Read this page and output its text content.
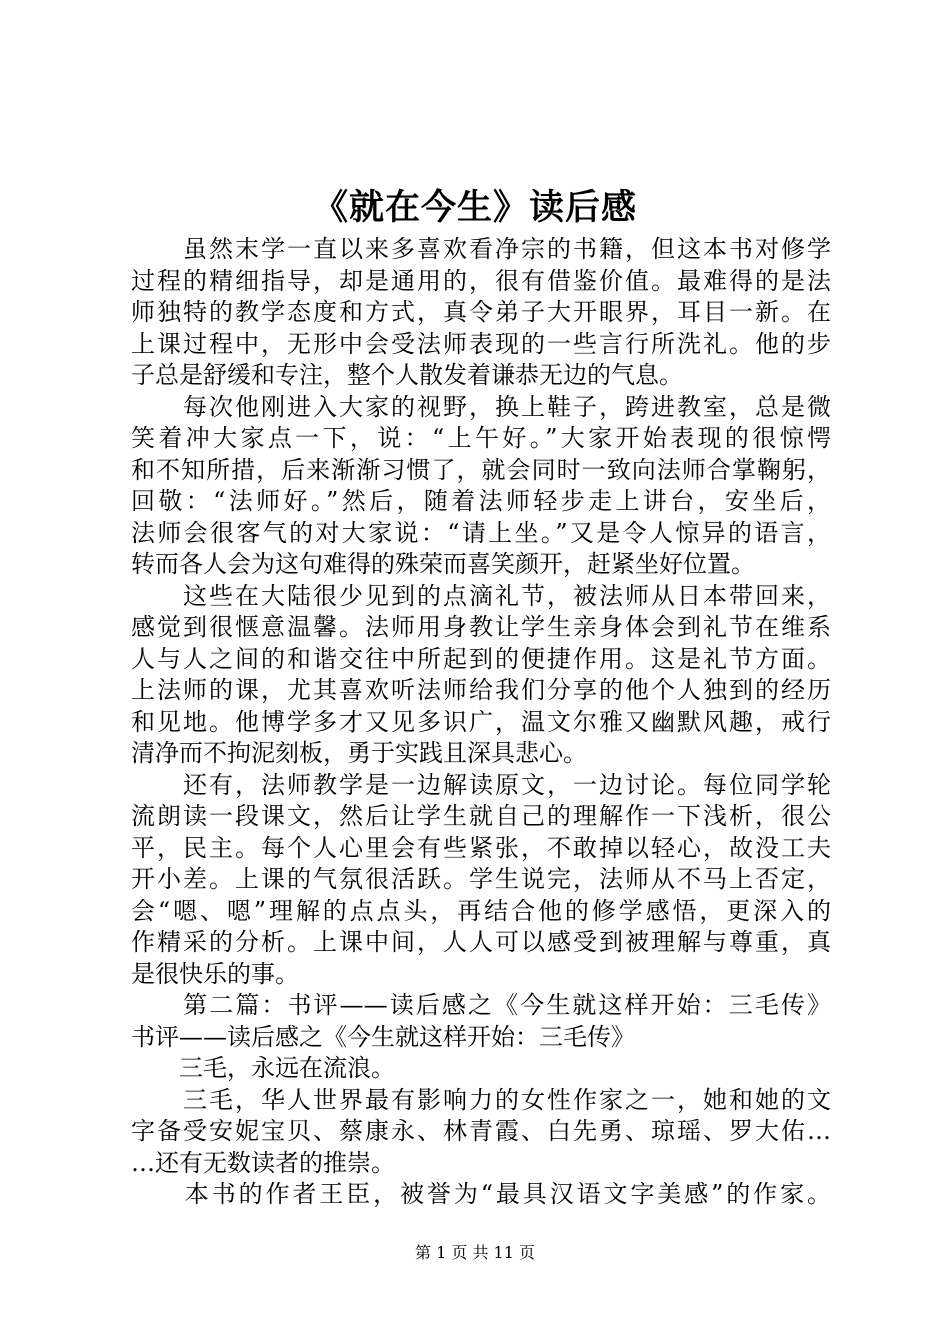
《就在今生》读后感
　　虽然末学一直以来多喜欢看净宗的书籍，但这本书对修学
过程的精细指导，却是通用的，很有借鉴价值。最难得的是法
师独特的教学态度和方式，真令弟子大开眼界，耳目一新。在
上课过程中，无形中会受法师表现的一些言行所洗礼。他的步
子总是舒缓和专注，整个人散发着谦恭无边的气息。
　　每次他刚进入大家的视野，换上鞋子，跨进教室，总是微
笑着冲大家点一下，说：“上午好。”大家开始表现的很惊愕
和不知所措，后来渐渐习惯了，就会同时一致向法师合掌鞠躬，
回敬：“法师好。”然后，随着法师轻步走上讲台，安坐后，
法师会很客气的对大家说：“请上坐。”又是令人惊异的语言，
转而各人会为这句难得的殊荣而喜笑颜开，赶紧坐好位置。
　　这些在大陆很少见到的点滴礼节，被法师从日本带回来，
感觉到很惬意温馨。法师用身教让学生亲身体会到礼节在维系
人与人之间的和谐交往中所起到的便捷作用。这是礼节方面。
上法师的课，尤其喜欢听法师给我们分享的他个人独到的经历
和见地。他博学多才又见多识广，温文尔雅又幽默风趣，戒行
清净而不拘泥刻板，勇于实践且深具悲心。
　　还有，法师教学是一边解读原文，一边讨论。每位同学轮
流朗读一段课文，然后让学生就自己的理解作一下浅析，很公
平，民主。每个人心里会有些紧张，不敢掉以轻心，故没工夫
开小差。上课的气氛很活跃。学生说完，法师从不马上否定，
会“嗯、嗯”理解的点点头，再结合他的修学感悟，更深入的
作精采的分析。上课中间，人人可以感受到被理解与尊重，真
是很快乐的事。
　　第二篇：书评——读后感之《今生就这样开始：三毛传》
书评——读后感之《今生就这样开始：三毛传》
　　三毛，永远在流浪。
　　三毛，华人世界最有影响力的女性作家之一，她和她的文
字备受安妮宝贝、蔡康永、林青霞、白先勇、琼瑶、罗大佑…
…还有无数读者的推崇。
　　本书的作者王臣，被誉为“最具汉语文字美感”的作家。
第 1 页 共 11 页
